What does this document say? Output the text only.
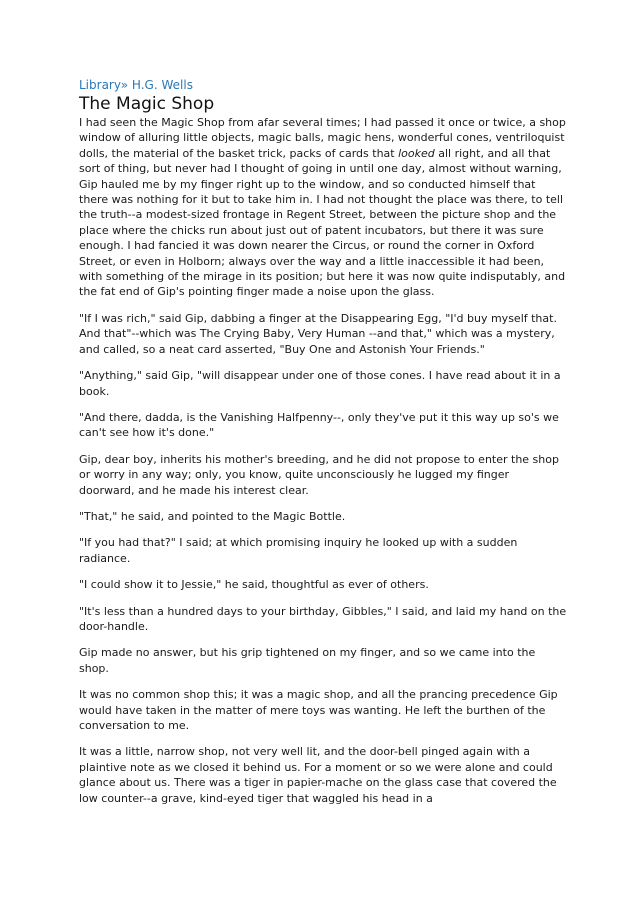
Library» H.G. Wells
The Magic Shop

I had seen the Magic Shop from afar several times; I had passed it once or twice, a shop window of alluring little objects, magic balls, magic hens, wonderful cones, ventriloquist dolls, the material of the basket trick, packs of cards that looked all right, and all that sort of thing, but never had I thought of going in until one day, almost without warning, Gip hauled me by my finger right up to the window, and so conducted himself that there was nothing for it but to take him in. I had not thought the place was there, to tell the truth--a modest-sized frontage in Regent Street, between the picture shop and the place where the chicks run about just out of patent incubators, but there it was sure enough. I had fancied it was down nearer the Circus, or round the corner in Oxford Street, or even in Holborn; always over the way and a little inaccessible it had been, with something of the mirage in its position; but here it was now quite indisputably, and the fat end of Gip's pointing finger made a noise upon the glass.

"If I was rich," said Gip, dabbing a finger at the Disappearing Egg, "I'd buy myself that. And that"--which was The Crying Baby, Very Human --and that," which was a mystery, and called, so a neat card asserted, "Buy One and Astonish Your Friends."

"Anything," said Gip, "will disappear under one of those cones. I have read about it in a book.

"And there, dadda, is the Vanishing Halfpenny--, only they've put it this way up so's we can't see how it's done."

Gip, dear boy, inherits his mother's breeding, and he did not propose to enter the shop or worry in any way; only, you know, quite unconsciously he lugged my finger doorward, and he made his interest clear.

"That," he said, and pointed to the Magic Bottle.

"If you had that?" I said; at which promising inquiry he looked up with a sudden radiance.

"I could show it to Jessie," he said, thoughtful as ever of others.

"It's less than a hundred days to your birthday, Gibbles," I said, and laid my hand on the door-handle.

Gip made no answer, but his grip tightened on my finger, and so we came into the shop.

It was no common shop this; it was a magic shop, and all the prancing precedence Gip would have taken in the matter of mere toys was wanting. He left the burthen of the conversation to me.

It was a little, narrow shop, not very well lit, and the door-bell pinged again with a plaintive note as we closed it behind us. For a moment or so we were alone and could glance about us. There was a tiger in papier-mache on the glass case that covered the low counter--a grave, kind-eyed tiger that waggled his head in a
